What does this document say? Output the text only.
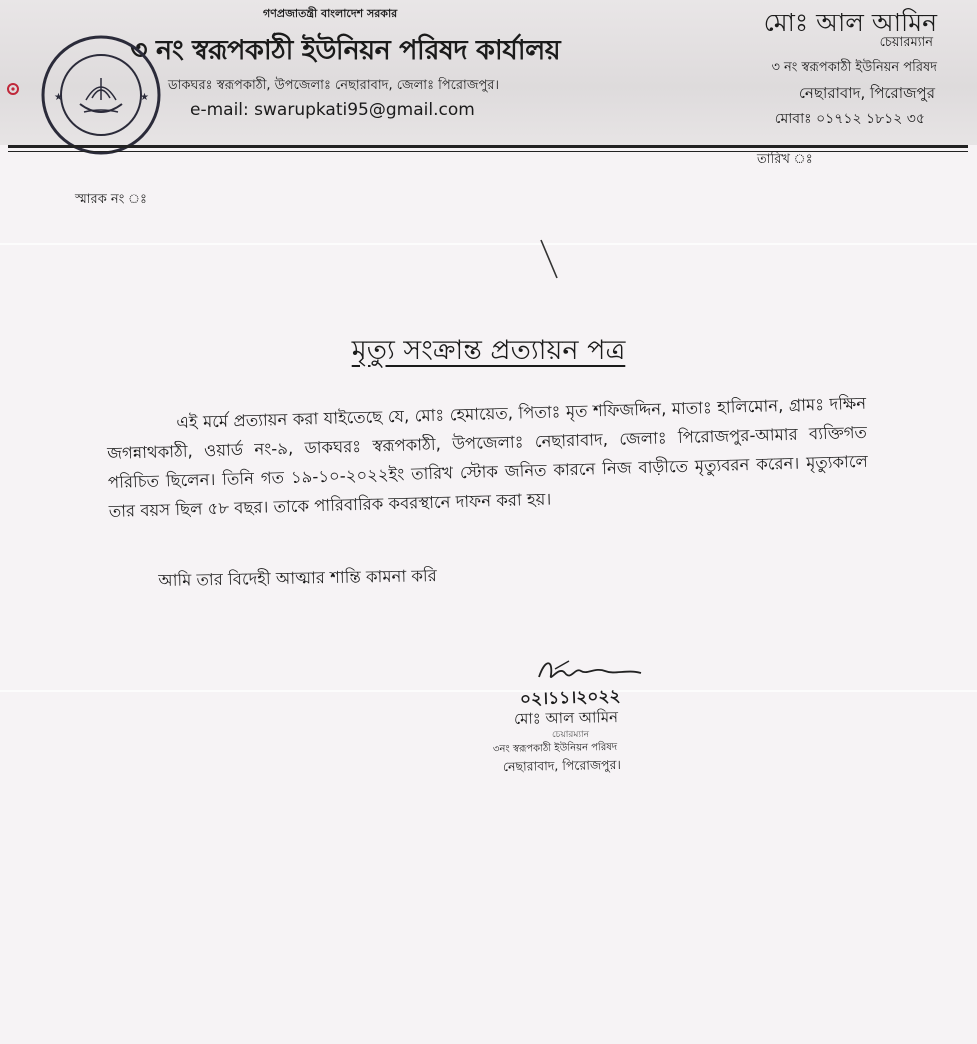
গণপ্রজাতন্ত্রী বাংলাদেশ সরকার
৩ নং স্বরূপকাঠী ইউনিয়ন পরিষদ কার্যালয়
ডাকঘরঃ স্বরূপকাঠী, উপজেলাঃ নেছারাবাদ, জেলাঃ পিরোজপুর।
e-mail: swarupkati95@gmail.com
মোঃ আল আমিন
চেয়ারম্যান
৩ নং স্বরূপকাঠী ইউনিয়ন পরিষদ
নেছারাবাদ, পিরোজপুর
মোবাঃ ০১৭১২ ১৮১২ ৩৫
★	★
তারিখ ঃ
স্মারক নং ঃ
মৃত্যু সংক্রান্ত প্রত্যায়ন পত্র
এই মর্মে প্রত্যায়ন করা যাইতেছে যে, মোঃ হেমায়েত, পিতাঃ মৃত শফিজদ্দিন, মাতাঃ হালিমোন, গ্রামঃ দক্ষিন জগন্নাথকাঠী, ওয়ার্ড নং-৯, ডাকঘরঃ স্বরূপকাঠী, উপজেলাঃ নেছারাবাদ, জেলাঃ পিরোজপুর-আমার ব্যক্তিগত পরিচিত ছিলেন। তিনি গত ১৯-১০-২০২২ইং তারিখ স্টোক জনিত কারনে নিজ বাড়ীতে মৃত্যুবরন করেন। মৃত্যুকালে তার বয়স ছিল ৫৮ বছর। তাকে পারিবারিক কবরস্থানে দাফন করা হয়।
আমি তার বিদেহী আত্মার শান্তি কামনা করি
০২।১১।২০২২
মোঃ আল আমিন
চেয়ারম্যান
৩নং স্বরূপকাঠী ইউনিয়ন পরিষদ
নেছারাবাদ, পিরোজপুর।
